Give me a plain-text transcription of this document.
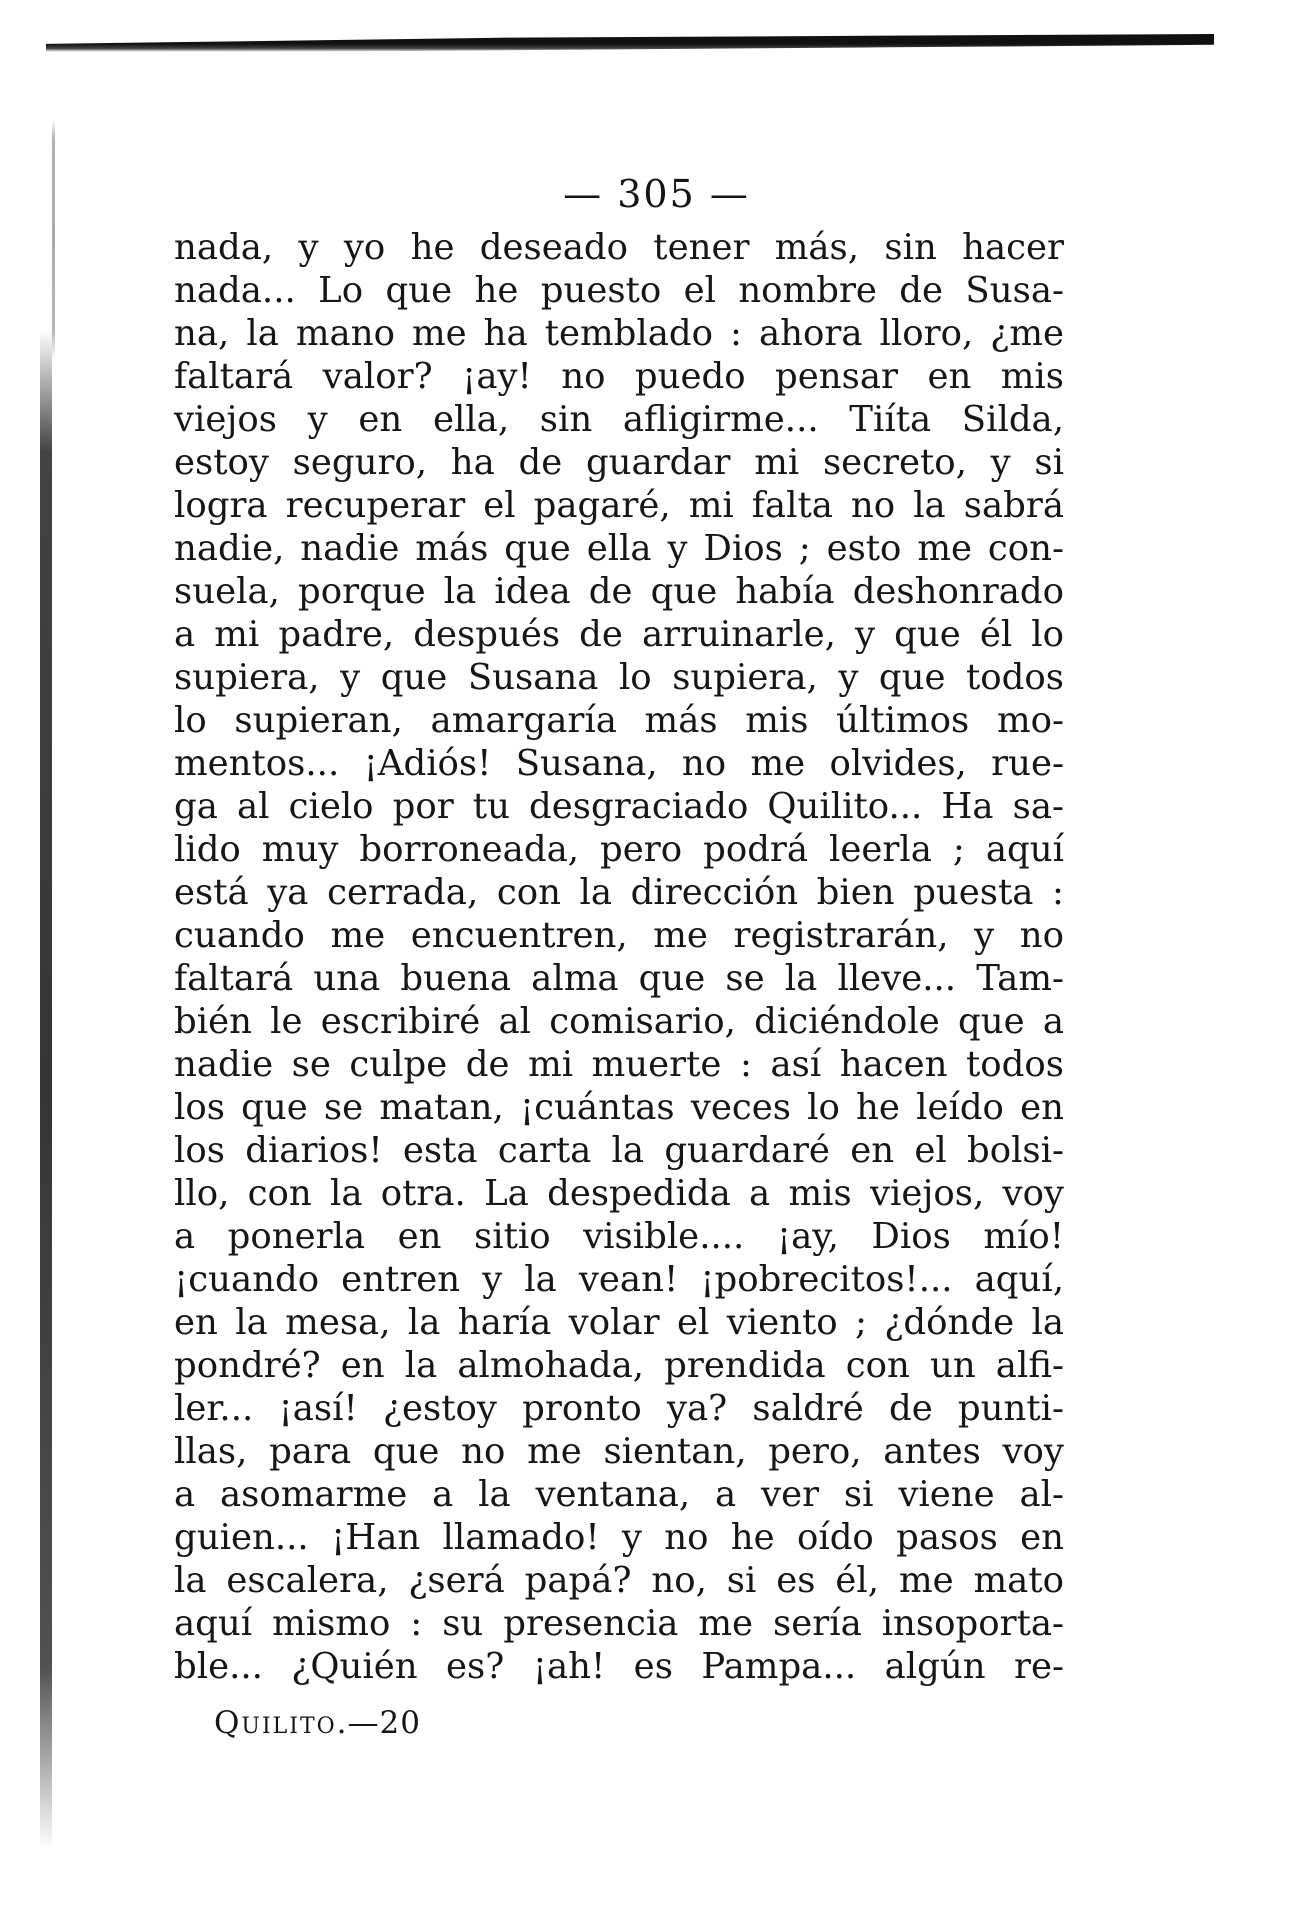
— 305 —
nada, y yo he deseado tener más, sin hacer
nada... Lo que he puesto el nombre de Susa-
na, la mano me ha temblado : ahora lloro, ¿me
faltará valor? ¡ay! no puedo pensar en mis
viejos y en ella, sin afligirme... Tiíta Silda,
estoy seguro, ha de guardar mi secreto, y si
logra recuperar el pagaré, mi falta no la sabrá
nadie, nadie más que ella y Dios ; esto me con-
suela, porque la idea de que había deshonrado
a mi padre, después de arruinarle, y que él lo
supiera, y que Susana lo supiera, y que todos
lo supieran, amargaría más mis últimos mo-
mentos... ¡Adiós! Susana, no me olvides, rue-
ga al cielo por tu desgraciado Quilito... Ha sa-
lido muy borroneada, pero podrá leerla ; aquí
está ya cerrada, con la dirección bien puesta :
cuando me encuentren, me registrarán, y no
faltará una buena alma que se la lleve... Tam-
bién le escribiré al comisario, diciéndole que a
nadie se culpe de mi muerte : así hacen todos
los que se matan, ¡cuántas veces lo he leído en
los diarios! esta carta la guardaré en el bolsi-
llo, con la otra. La despedida a mis viejos, voy
a ponerla en sitio visible.... ¡ay, Dios mío!
¡cuando entren y la vean! ¡pobrecitos!... aquí,
en la mesa, la haría volar el viento ; ¿dónde la
pondré? en la almohada, prendida con un alfi-
ler... ¡así! ¿estoy pronto ya? saldré de punti-
llas, para que no me sientan, pero, antes voy
a asomarme a la ventana, a ver si viene al-
guien... ¡Han llamado! y no he oído pasos en
la escalera, ¿será papá? no, si es él, me mato
aquí mismo : su presencia me sería insoporta-
ble... ¿Quién es? ¡ah! es Pampa... algún re-
Quilito.—20
